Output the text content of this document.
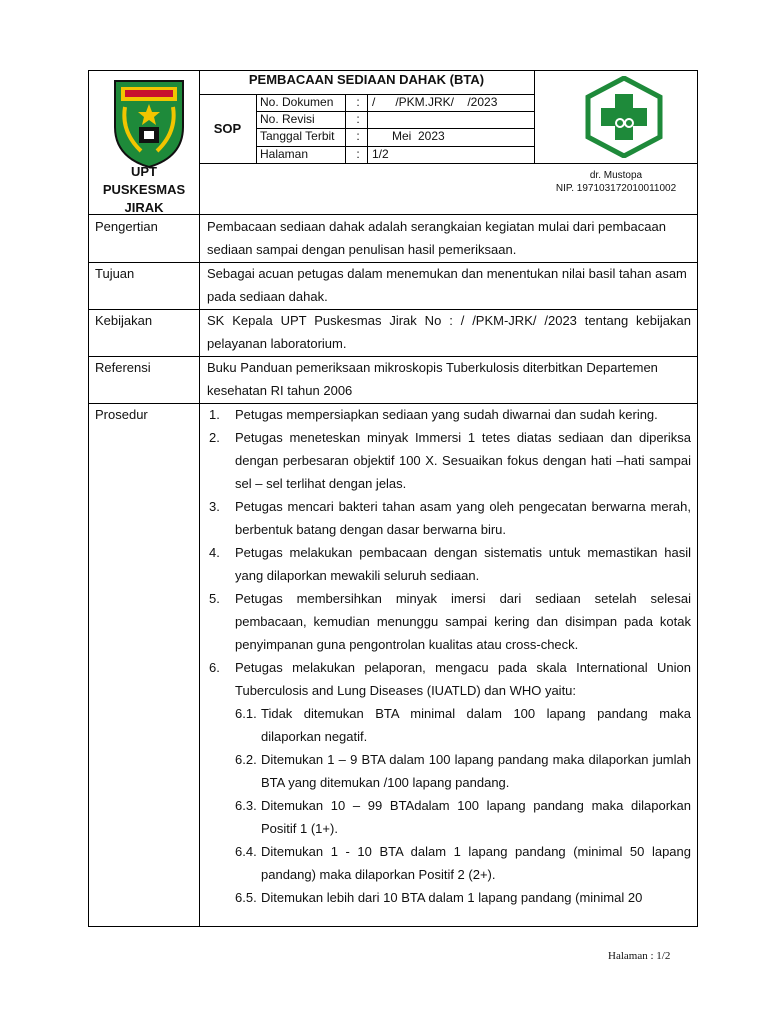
UPT
PUSKESMAS
JIRAK
PEMBACAAN SEDIAAN DAHAK (BTA)
SOP
No. Dokumen	:	/      /PKM.JRK/    /2023
No. Revisi	:
Tanggal Terbit	:	Mei  2023
Halaman	:	1/2
dr. Mustopa
NIP. 197103172010011002
Pengertian	Pembacaan sediaan dahak adalah serangkaian kegiatan mulai dari pembacaan sediaan sampai dengan penulisan hasil pemeriksaan.
Tujuan	Sebagai acuan petugas dalam menemukan dan menentukan nilai basil tahan asam pada sediaan dahak.
Kebijakan	SK Kepala UPT Puskesmas Jirak No : / /PKM-JRK/ /2023 tentang kebijakan pelayanan laboratorium.
Referensi	Buku Panduan pemeriksaan mikroskopis Tuberkulosis diterbitkan Departemen kesehatan RI tahun 2006
Prosedur	1. Petugas mempersiapkan sediaan yang sudah diwarnai dan sudah kering.
2. Petugas meneteskan minyak Immersi 1 tetes diatas sediaan dan diperiksa dengan perbesaran objektif 100 X. Sesuaikan fokus dengan hati –hati sampai sel – sel terlihat dengan jelas.
3. Petugas mencari bakteri tahan asam yang oleh pengecatan berwarna merah, berbentuk batang dengan dasar berwarna biru.
4. Petugas melakukan pembacaan dengan sistematis untuk memastikan hasil yang dilaporkan mewakili seluruh sediaan.
5. Petugas membersihkan minyak imersi dari sediaan setelah selesai pembacaan, kemudian menunggu sampai kering dan disimpan pada kotak penyimpanan guna pengontrolan kualitas atau cross-check.
6. Petugas melakukan pelaporan, mengacu pada skala International Union Tuberculosis and Lung Diseases (IUATLD) dan WHO yaitu:
6.1. Tidak ditemukan BTA minimal dalam 100 lapang pandang maka dilaporkan negatif.
6.2. Ditemukan 1 – 9 BTA dalam 100 lapang pandang maka dilaporkan jumlah BTA yang ditemukan /100 lapang pandang.
6.3. Ditemukan 10 – 99 BTAdalam 100 lapang pandang maka dilaporkan Positif 1 (1+).
6.4. Ditemukan 1 - 10 BTA dalam 1 lapang pandang (minimal 50 lapang pandang) maka dilaporkan Positif 2 (2+).
6.5. Ditemukan lebih dari 10 BTA dalam 1 lapang pandang (minimal 20
Halaman : 1/2
